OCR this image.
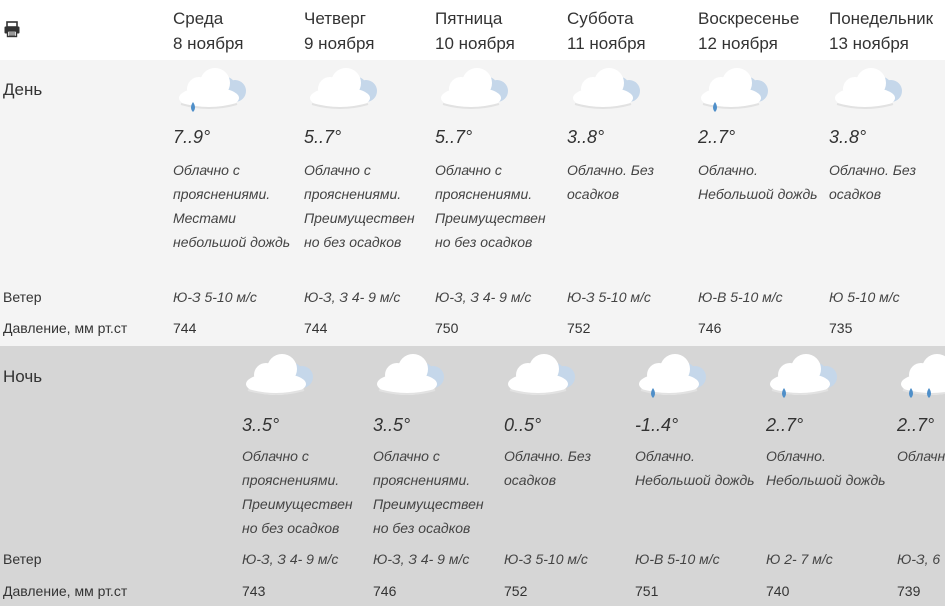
Среда
8 ноября
Четверг
9 ноября
Пятница
10 ноября
Суббота
11 ноября
Воскресенье
12 ноября
Понедельник
13 ноября
День
Ветер
Давление, мм рт.ст
7..9°
Облачно с прояснениями. Местами небольшой дождь
Ю-З 5-10 м/с
744
5..7°
Облачно с прояснениями. Преимуществен но без осадков
Ю-З, З 4- 9 м/с
744
5..7°
Облачно с прояснениями. Преимуществен но без осадков
Ю-З, З 4- 9 м/с
750
3..8°
Облачно. Без осадков
Ю-З 5-10 м/с
752
2..7°
Облачно. Небольшой дождь
Ю-В 5-10 м/с
746
3..8°
Облачно. Без осадков
Ю 5-10 м/с
735
Ночь
Ветер
Давление, мм рт.ст
3..5°
Облачно с прояснениями. Преимуществен но без осадков
Ю-З, З 4- 9 м/с
743
3..5°
Облачно с прояснениями. Преимуществен но без осадков
Ю-З, З 4- 9 м/с
746
0..5°
Облачно. Без осадков
Ю-З 5-10 м/с
752
-1..4°
Облачно. Небольшой дождь
Ю-В 5-10 м/с
751
2..7°
Облачно. Небольшой дождь
Ю 2- 7 м/с
740
2..7°
Облачн
Ю-З, 6
739
